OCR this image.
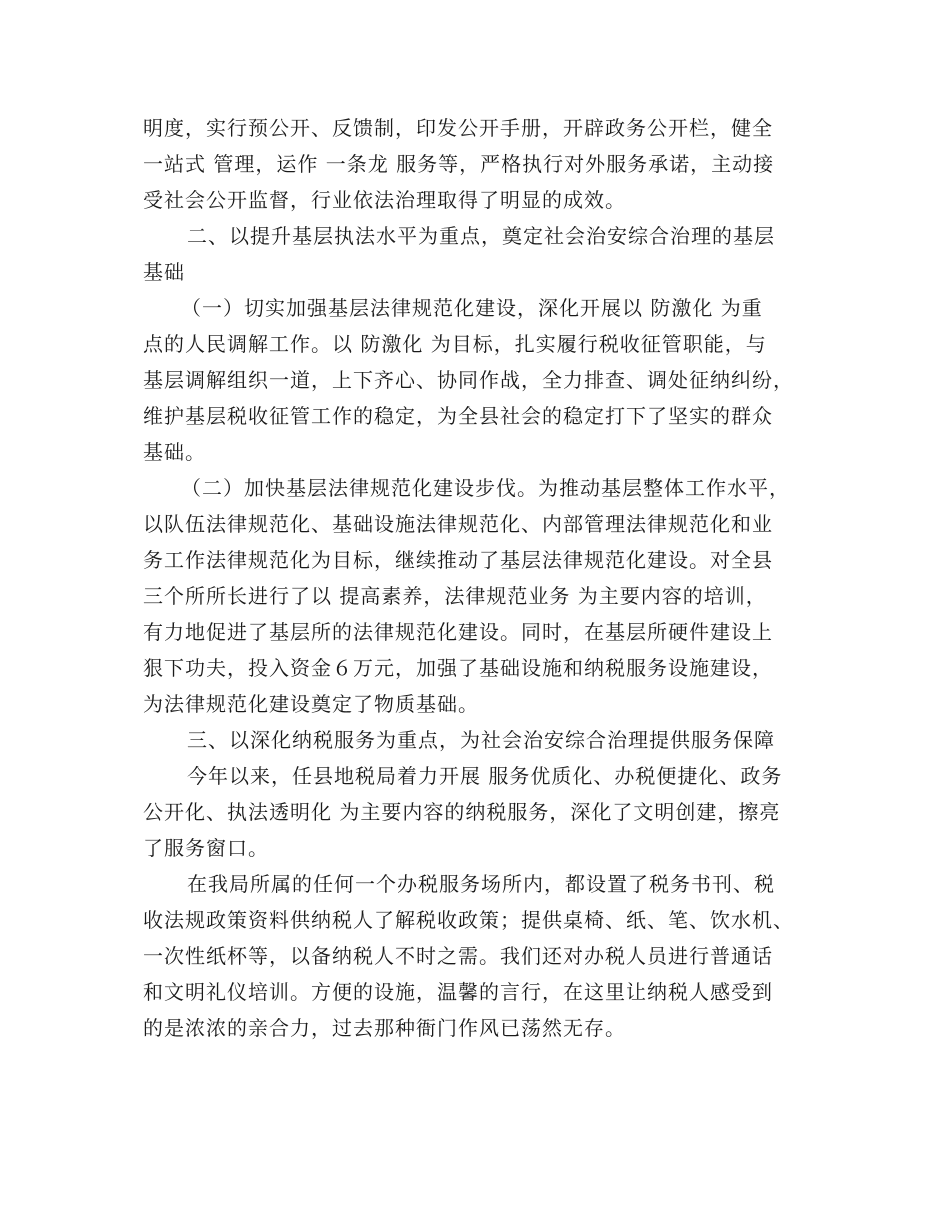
明度，实行预公开、反馈制，印发公开手册，开辟政务公开栏，健全
一站式 管理，运作 一条龙 服务等，严格执行对外服务承诺，主动接
受社会公开监督，行业依法治理取得了明显的成效。
二、以提升基层执法水平为重点，奠定社会治安综合治理的基层
基础
（一）切实加强基层法律规范化建设，深化开展以 防激化 为重
点的人民调解工作。以 防激化 为目标，扎实履行税收征管职能，与
基层调解组织一道，上下齐心、协同作战，全力排查、调处征纳纠纷，
维护基层税收征管工作的稳定，为全县社会的稳定打下了坚实的群众
基础。
（二）加快基层法律规范化建设步伐。为推动基层整体工作水平，
以队伍法律规范化、基础设施法律规范化、内部管理法律规范化和业
务工作法律规范化为目标，继续推动了基层法律规范化建设。对全县
三个所所长进行了以 提高素养，法律规范业务 为主要内容的培训，
有力地促进了基层所的法律规范化建设。同时，在基层所硬件建设上
狠下功夫，投入资金６万元，加强了基础设施和纳税服务设施建设，
为法律规范化建设奠定了物质基础。
三、以深化纳税服务为重点，为社会治安综合治理提供服务保障
今年以来，任县地税局着力开展 服务优质化、办税便捷化、政务
公开化、执法透明化 为主要内容的纳税服务，深化了文明创建，擦亮
了服务窗口。
在我局所属的任何一个办税服务场所内，都设置了税务书刊、税
收法规政策资料供纳税人了解税收政策；提供桌椅、纸、笔、饮水机、
一次性纸杯等，以备纳税人不时之需。我们还对办税人员进行普通话
和文明礼仪培训。方便的设施，温馨的言行，在这里让纳税人感受到
的是浓浓的亲合力，过去那种衙门作风已荡然无存。
